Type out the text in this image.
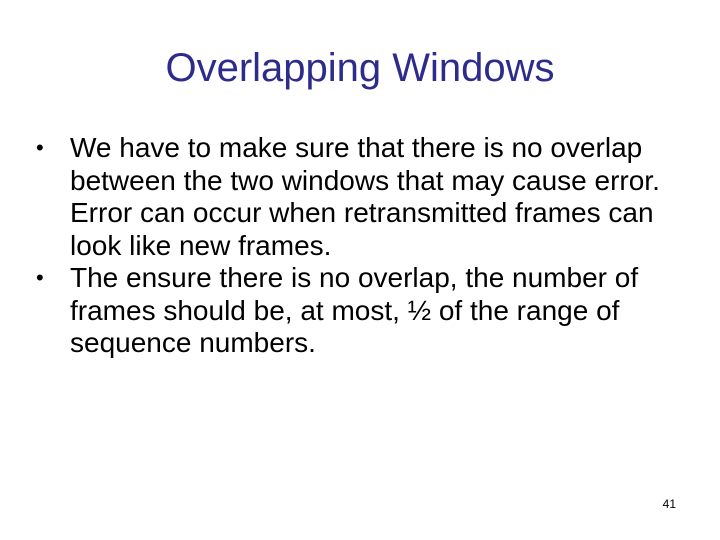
Overlapping Windows
• We have to make sure that there is no overlap between the two windows that may cause error. Error can occur when retransmitted frames can look like new frames.
• The ensure there is no overlap, the number of frames should be, at most, ½ of the range of sequence numbers.
41
